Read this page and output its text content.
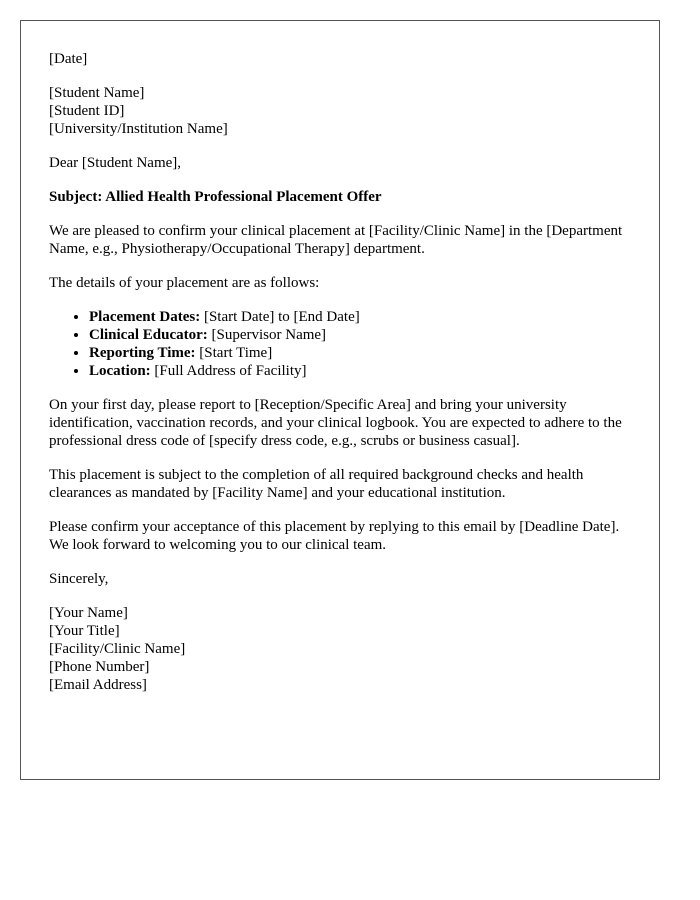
[Date]

[Student Name]
[Student ID]
[University/Institution Name]

Dear [Student Name],

Subject: Allied Health Professional Placement Offer

We are pleased to confirm your clinical placement at [Facility/Clinic Name] in the [Department Name, e.g., Physiotherapy/Occupational Therapy] department.

The details of your placement are as follows:

• Placement Dates: [Start Date] to [End Date]
• Clinical Educator: [Supervisor Name]
• Reporting Time: [Start Time]
• Location: [Full Address of Facility]

On your first day, please report to [Reception/Specific Area] and bring your university identification, vaccination records, and your clinical logbook. You are expected to adhere to the professional dress code of [specify dress code, e.g., scrubs or business casual].

This placement is subject to the completion of all required background checks and health clearances as mandated by [Facility Name] and your educational institution.

Please confirm your acceptance of this placement by replying to this email by [Deadline Date]. We look forward to welcoming you to our clinical team.

Sincerely,

[Your Name]
[Your Title]
[Facility/Clinic Name]
[Phone Number]
[Email Address]
